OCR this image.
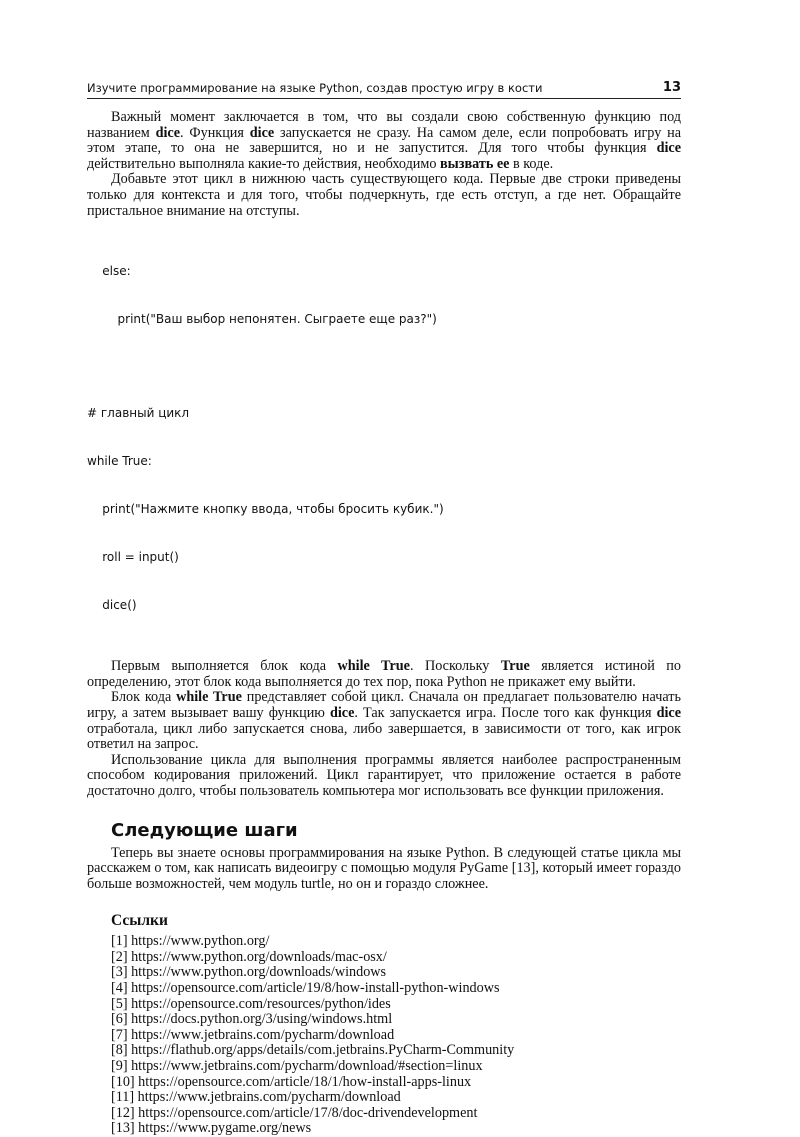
Изучите программирование на языке Python, создав простую игру в кости	13

Важный момент заключается в том, что вы создали свою собственную функцию под названием dice. Функция dice запускается не сразу. На самом деле, если попробовать игру на этом этапе, то она не завершится, но и не запустится. Для того чтобы функция dice действительно выполняла какие-то действия, необходимо вызвать ее в коде.

Добавьте этот цикл в нижнюю часть существующего кода. Первые две строки приведены только для контекста и для того, чтобы подчеркнуть, где есть отступ, а где нет. Обращайте пристальное внимание на отступы.

else:

print("Ваш выбор непонятен. Сыграете еще раз?")

# главный цикл

while True:

print("Нажмите кнопку ввода, чтобы бросить кубик.")

roll = input()

dice()

Первым выполняется блок кода while True. Поскольку True является истиной по определению, этот блок кода выполняется до тех пор, пока Python не прикажет ему выйти.

Блок кода while True представляет собой цикл. Сначала он предлагает пользователю начать игру, а затем вызывает вашу функцию dice. Так запускается игра. После того как функция dice отработала, цикл либо запускается снова, либо завершается, в зависимости от того, как игрок ответил на запрос.

Использование цикла для выполнения программы является наиболее распространенным способом кодирования приложений. Цикл гарантирует, что приложение остается в работе достаточно долго, чтобы пользователь компьютера мог использовать все функции приложения.

Следующие шаги

Теперь вы знаете основы программирования на языке Python. В следующей статье цикла мы расскажем о том, как написать видеоигру с помощью модуля PyGame [13], который имеет гораздо больше возможностей, чем модуль turtle, но он и гораздо сложнее.

Ссылки
[1] https://www.python.org/
[2] https://www.python.org/downloads/mac-osx/
[3] https://www.python.org/downloads/windows
[4] https://opensource.com/article/19/8/how-install-python-windows
[5] https://opensource.com/resources/python/ides
[6] https://docs.python.org/3/using/windows.html
[7] https://www.jetbrains.com/pycharm/download
[8] https://flathub.org/apps/details/com.jetbrains.PyCharm-Community
[9] https://www.jetbrains.com/pycharm/download/#section=linux
[10] https://opensource.com/article/18/1/how-install-apps-linux
[11] https://www.jetbrains.com/pycharm/download
[12] https://opensource.com/article/17/8/doc-drivendevelopment
[13] https://www.pygame.org/news
